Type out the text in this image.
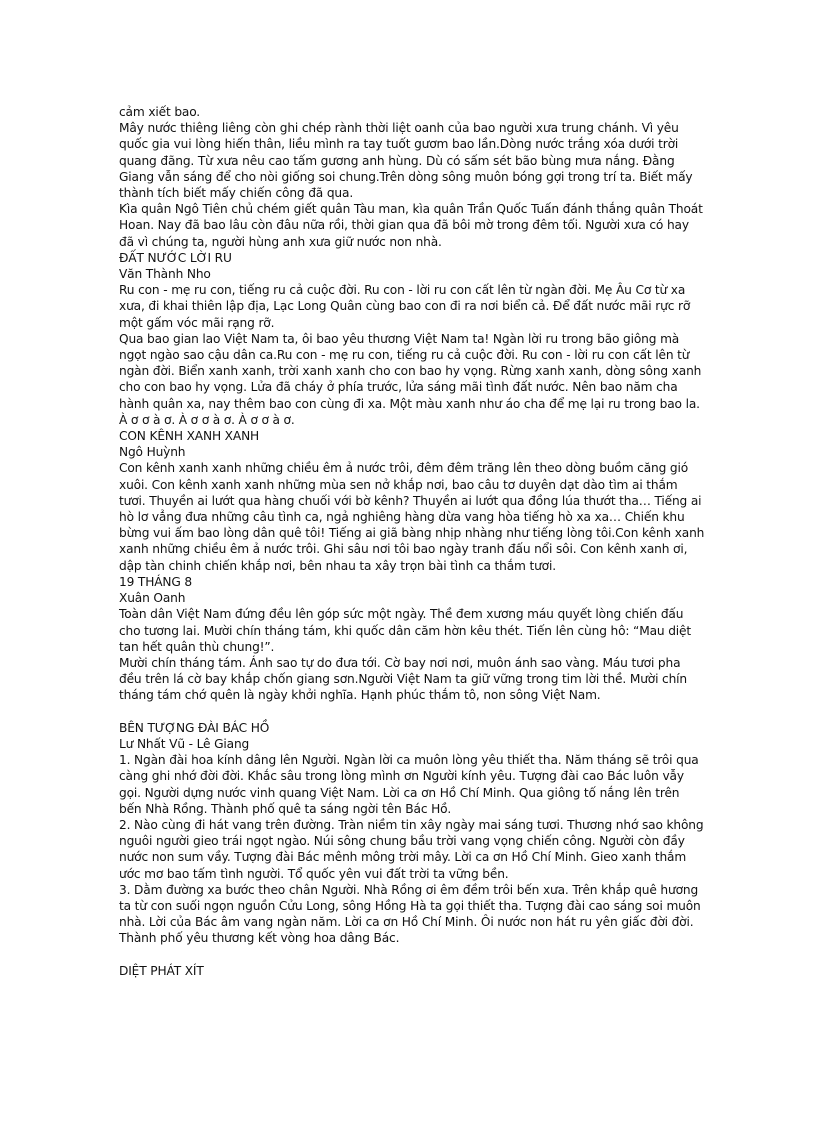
cảm xiết bao.

Mây nước thiêng liêng còn ghi chép rành thời liệt oanh của bao người xưa trung chánh. Vì yêu quốc gia vui lòng hiến thân, liều mình ra tay tuốt gươm bao lần.Dòng nước trắng xóa dưới trời quang đãng. Từ xưa nêu cao tấm gương anh hùng. Dù có sấm sét bão bùng mưa nắng. Đằng Giang vẫn sáng để cho nòi giống soi chung.Trên dòng sông muôn bóng gợi trong trí ta. Biết mấy thành tích biết mấy chiến công đã qua.

Kìa quân Ngô Tiên chủ chém giết quân Tàu man, kìa quân Trần Quốc Tuấn đánh thắng quân Thoát Hoan. Nay đã bao lâu còn đâu nữa rồi, thời gian qua đã bôi mờ trong đêm tối. Người xưa có hay đã vì chúng ta, người hùng anh xưa giữ nước non nhà.

ĐẤT NƯỚC LỜI RU

Văn Thành Nho

Ru con - mẹ ru con, tiếng ru cả cuộc đời. Ru con - lời ru con cất lên từ ngàn đời. Mẹ Âu Cơ từ xa xưa, đi khai thiên lập địa, Lạc Long Quân cùng bao con đi ra nơi biển cả. Để đất nước mãi rực rỡ một gấm vóc mãi rạng rỡ.

Qua bao gian lao Việt Nam ta, ôi bao yêu thương Việt Nam ta! Ngàn lời ru trong bão giông mà ngọt ngào sao cậu dân ca.Ru con - mẹ ru con, tiếng ru cả cuộc đời. Ru con - lời ru con cất lên từ ngàn đời. Biển xanh xanh, trời xanh xanh cho con bao hy vọng. Rừng xanh xanh, dòng sông xanh cho con bao hy vọng. Lửa đã cháy ở phía trước, lửa sáng mãi tình đất nước. Nên bao năm cha hành quân xa, nay thêm bao con cùng đi xa. Một màu xanh như áo cha để mẹ lại ru trong bao la. À ơ ơ à ơ. À ơ ơ à ơ. À ơ ơ à ơ.

CON KÊNH XANH XANH

Ngô Huỳnh

Con kênh xanh xanh những chiều êm ả nước trôi, đêm đêm trăng lên theo dòng buồm căng gió xuôi. Con kênh xanh xanh những mùa sen nở khắp nơi, bao câu tơ duyên dạt dào tìm ai thắm tươi. Thuyền ai lướt qua hàng chuối với bờ kênh? Thuyền ai lướt qua đồng lúa thướt tha… Tiếng ai hò lơ vẳng đưa những câu tình ca, ngả nghiêng hàng dừa vang hòa tiếng hò xa xa… Chiến khu bừng vui ấm bao lòng dân quê tôi! Tiếng ai giã bàng nhịp nhàng như tiếng lòng tôi.Con kênh xanh xanh những chiều êm ả nước trôi. Ghi sâu nơi tôi bao ngày tranh đấu nổi sôi. Con kênh xanh ơi, dập tàn chinh chiến khắp nơi, bên nhau ta xây trọn bài tình ca thắm tươi.

19 THÁNG 8

Xuân Oanh

Toàn dân Việt Nam đứng đều lên góp sức một ngày. Thề đem xương máu quyết lòng chiến đấu cho tương lai. Mười chín tháng tám, khi quốc dân căm hờn kêu thét. Tiến lên cùng hô: “Mau diệt tan hết quân thù chung!”.

Mười chín tháng tám. Ánh sao tự do đưa tới. Cờ bay nơi nơi, muôn ánh sao vàng. Máu tươi pha đều trên lá cờ bay khắp chốn giang sơn.Người Việt Nam ta giữ vững trong tim lời thề. Mười chín tháng tám chớ quên là ngày khởi nghĩa. Hạnh phúc thắm tô, non sông Việt Nam.

BÊN TƯỢNG ĐÀI BÁC HỒ

Lư Nhất Vũ - Lê Giang

1. Ngàn đài hoa kính dâng lên Người. Ngàn lời ca muôn lòng yêu thiết tha. Năm tháng sẽ trôi qua càng ghi nhớ đời đời. Khắc sâu trong lòng mình ơn Người kính yêu. Tượng đài cao Bác luôn vẫy gọi. Người dựng nước vinh quang Việt Nam. Lời ca ơn Hồ Chí Minh. Qua giông tố nắng lên trên bến Nhà Rồng. Thành phố quê ta sáng ngời tên Bác Hồ.

2. Nào cùng đi hát vang trên đường. Tràn niềm tin xây ngày mai sáng tươi. Thương nhớ sao không nguôi người gieo trái ngọt ngào. Núi sông chung bầu trời vang vọng chiến công. Người còn đầy nước non sum vầy. Tượng đài Bác mênh mông trời mây. Lời ca ơn Hồ Chí Minh. Gieo xanh thắm ước mơ bao tấm tình người. Tổ quốc yên vui đất trời ta vững bền.

3. Dằm đường xa bước theo chân Người. Nhà Rồng ơi êm đềm trôi bến xưa. Trên khắp quê hương ta từ con suối ngọn nguồn Cửu Long, sông Hồng Hà ta gọi thiết tha. Tượng đài cao sáng soi muôn nhà. Lời của Bác âm vang ngàn năm. Lời ca ơn Hồ Chí Minh. Ôi nước non hát ru yên giấc đời đời. Thành phố yêu thương kết vòng hoa dâng Bác.

DIỆT PHÁT XÍT
